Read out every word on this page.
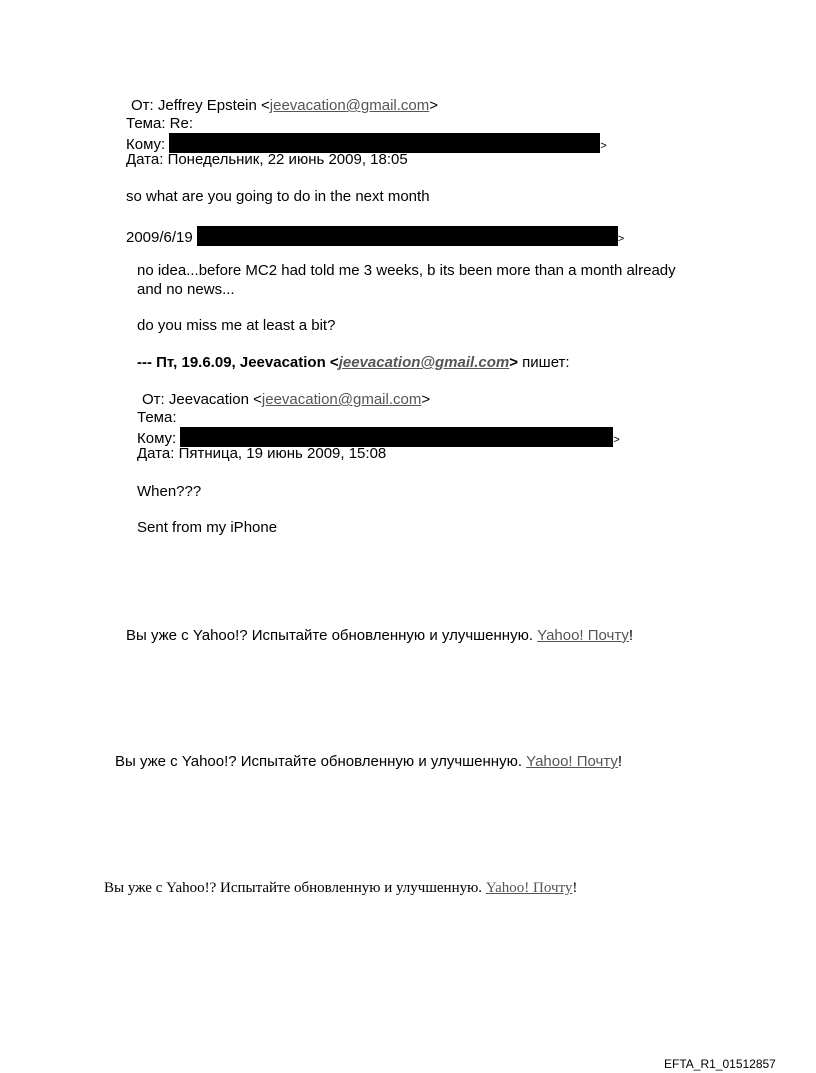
От: Jeffrey Epstein <jeevacation@gmail.com>
Тема: Re:
Кому:	>
Дата: Понедельник, 22 июнь 2009, 18:05
so what are you going to do in the next month
2009/6/19	>
no idea...before MC2 had told me 3 weeks, b its been more than a month already
and no news...
do you miss me at least a bit?
--- Пт, 19.6.09, Jeevacation <jeevacation@gmail.com> пишет:
От: Jeevacation <jeevacation@gmail.com>
Тема:
Кому:	>
Дата: Пятница, 19 июнь 2009, 15:08
When???
Sent from my iPhone
Вы уже с Yahoo!? Испытайте обновленную и улучшенную. Yahoo! Почту!
Вы уже с Yahoo!? Испытайте обновленную и улучшенную. Yahoo! Почту!
Вы уже с Yahoo!? Испытайте обновленную и улучшенную. Yahoo! Почту!
EFTA_R1_01512857
